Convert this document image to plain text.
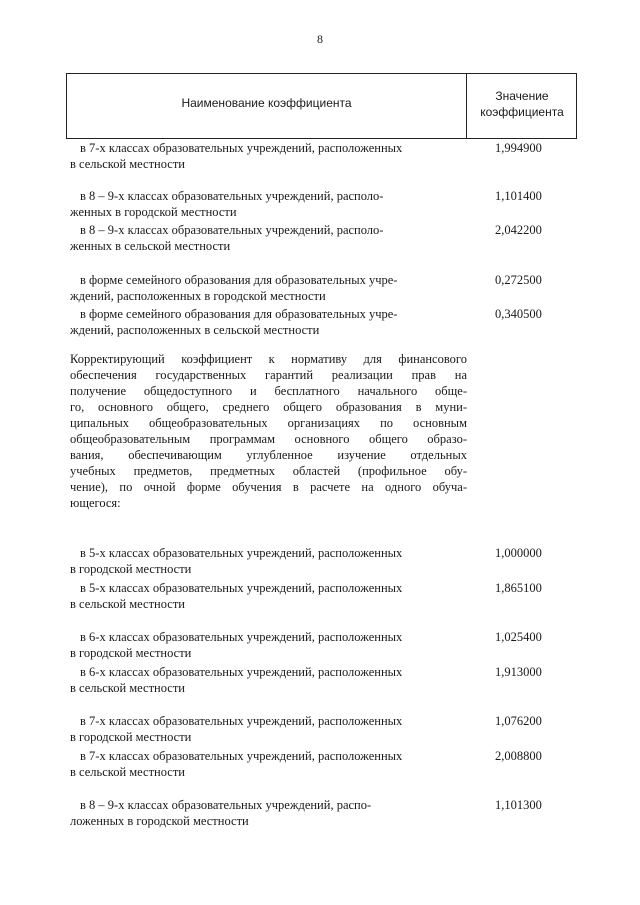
8
Наименование коэффициента	Значение
коэффициента
в 7-х классах образовательных учреждений, расположенных
в сельской местности
1,994900
в 8 – 9-х классах образовательных учреждений, располо-
женных в городской местности
1,101400
в 8 – 9-х классах образовательных учреждений, располо-
женных в сельской местности
2,042200
в форме семейного образования для образовательных учре-
ждений, расположенных в городской местности
0,272500
в форме семейного образования для образовательных учре-
ждений, расположенных в сельской местности
0,340500
Корректирующий коэффициент к нормативу для финансового
обеспечения государственных гарантий реализации прав на
получение общедоступного и бесплатного начального обще-
го, основного общего, среднего общего образования в муни-
ципальных общеобразовательных организациях по основным
общеобразовательным программам основного общего образо-
вания, обеспечивающим углубленное изучение отдельных
учебных предметов, предметных областей (профильное обу-
чение), по очной форме обучения в расчете на одного обуча-
ющегося:
в 5-х классах образовательных учреждений, расположенных
в городской местности
1,000000
в 5-х классах образовательных учреждений, расположенных
в сельской местности
1,865100
в 6-х классах образовательных учреждений, расположенных
в городской местности
1,025400
в 6-х классах образовательных учреждений, расположенных
в сельской местности
1,913000
в 7-х классах образовательных учреждений, расположенных
в городской местности
1,076200
в 7-х классах образовательных учреждений, расположенных
в сельской местности
2,008800
в 8 – 9-х классах образовательных учреждений, распо-
ложенных в городской местности
1,101300
